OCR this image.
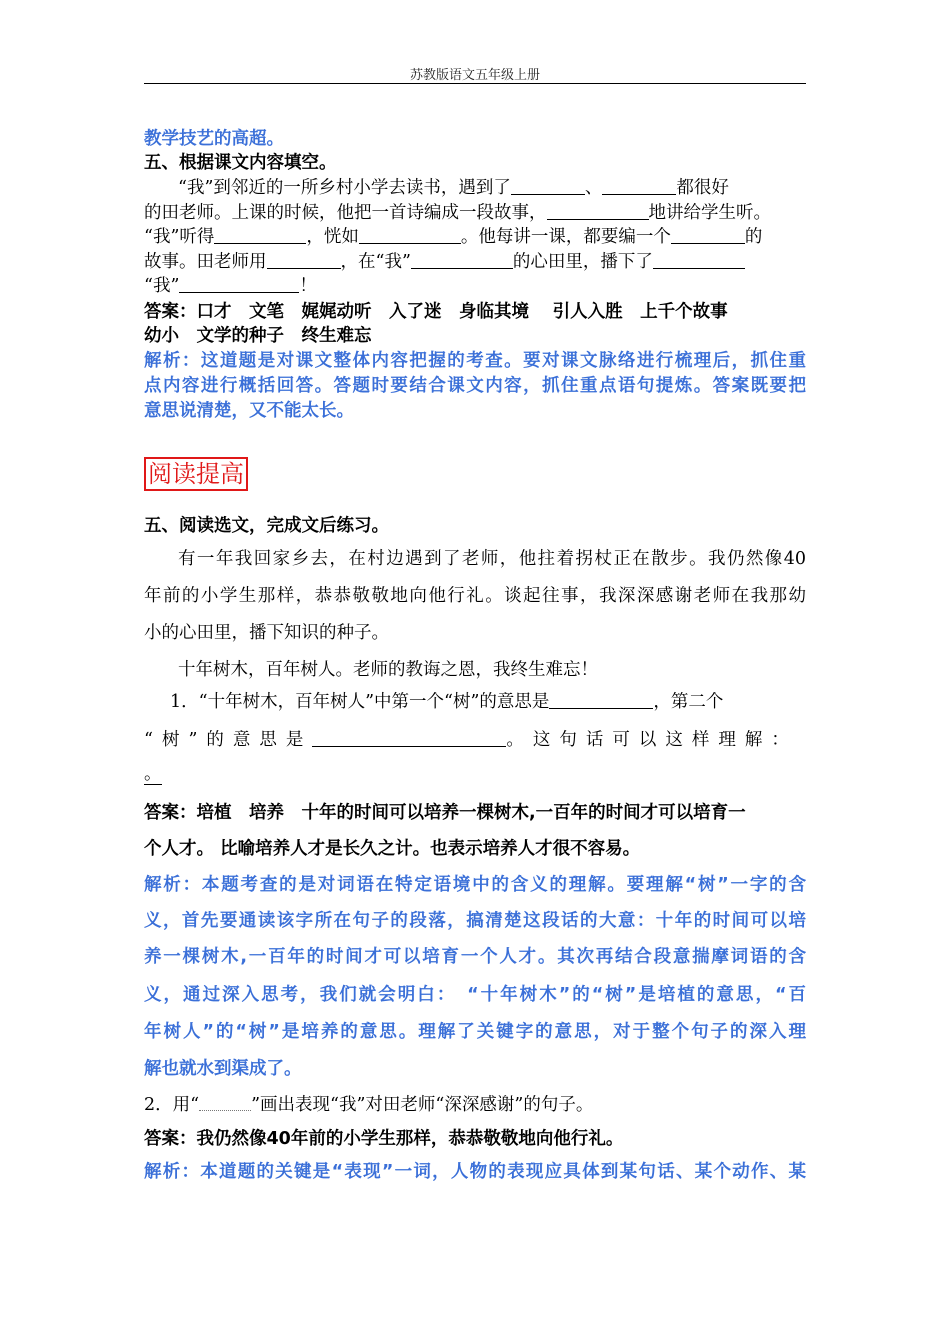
苏教版语文五年级上册
教学技艺的高超。
五、根据课文内容填空。
“我”到邻近的一所乡村小学去读书，遇到了	、	都很好
的田老师。上课的时候，他把一首诗编成一段故事，	地讲给学生听。
“我”听得	，恍如	。他每讲一课，都要编一个	的
故事。田老师用	，在“我”	的心田里，播下了
“我”	！
答案：口才　文笔　娓娓动听　入了迷　身临其境　 引人入胜　上千个故事
幼小　文学的种子　终生难忘
解析：这道题是对课文整体内容把握的考查。要对课文脉络进行梳理后，抓住重
点内容进行概括回答。答题时要结合课文内容，抓住重点语句提炼。答案既要把
意思说清楚，又不能太长。
阅读提高
五、阅读选文，完成文后练习。
有一年我回家乡去，在村边遇到了老师，他拄着拐杖正在散步。我仍然像40
年前的小学生那样，恭恭敬敬地向他行礼。谈起往事，我深深感谢老师在我那幼
小的心田里，播下知识的种子。
十年树木，百年树人。老师的教诲之恩，我终生难忘！
1．“十年树木，百年树人”中第一个“树”的意思是	，第二个
“树”的意思是	。这句话可以这样理解：
。
答案：培植　培养　十年的时间可以培养一棵树木,一百年的时间才可以培育一
个人才。 比喻培养人才是长久之计。也表示培养人才很不容易。
解析：本题考查的是对词语在特定语境中的含义的理解。要理解“树”一字的含
义，首先要通读该字所在句子的段落，搞清楚这段话的大意：十年的时间可以培
养一棵树木,一百年的时间才可以培育一个人才。其次再结合段意揣摩词语的含
义，通过深入思考，我们就会明白：　“十年树木”的“树”是培植的意思，“百
年树人”的“树”是培养的意思。理解了关键字的意思，对于整个句子的深入理
解也就水到渠成了。
2．用“	”画出表现“我”对田老师“深深感谢”的句子。
答案：我仍然像40年前的小学生那样，恭恭敬敬地向他行礼。
解析：本道题的关键是“表现”一词，人物的表现应具体到某句话、某个动作、某
